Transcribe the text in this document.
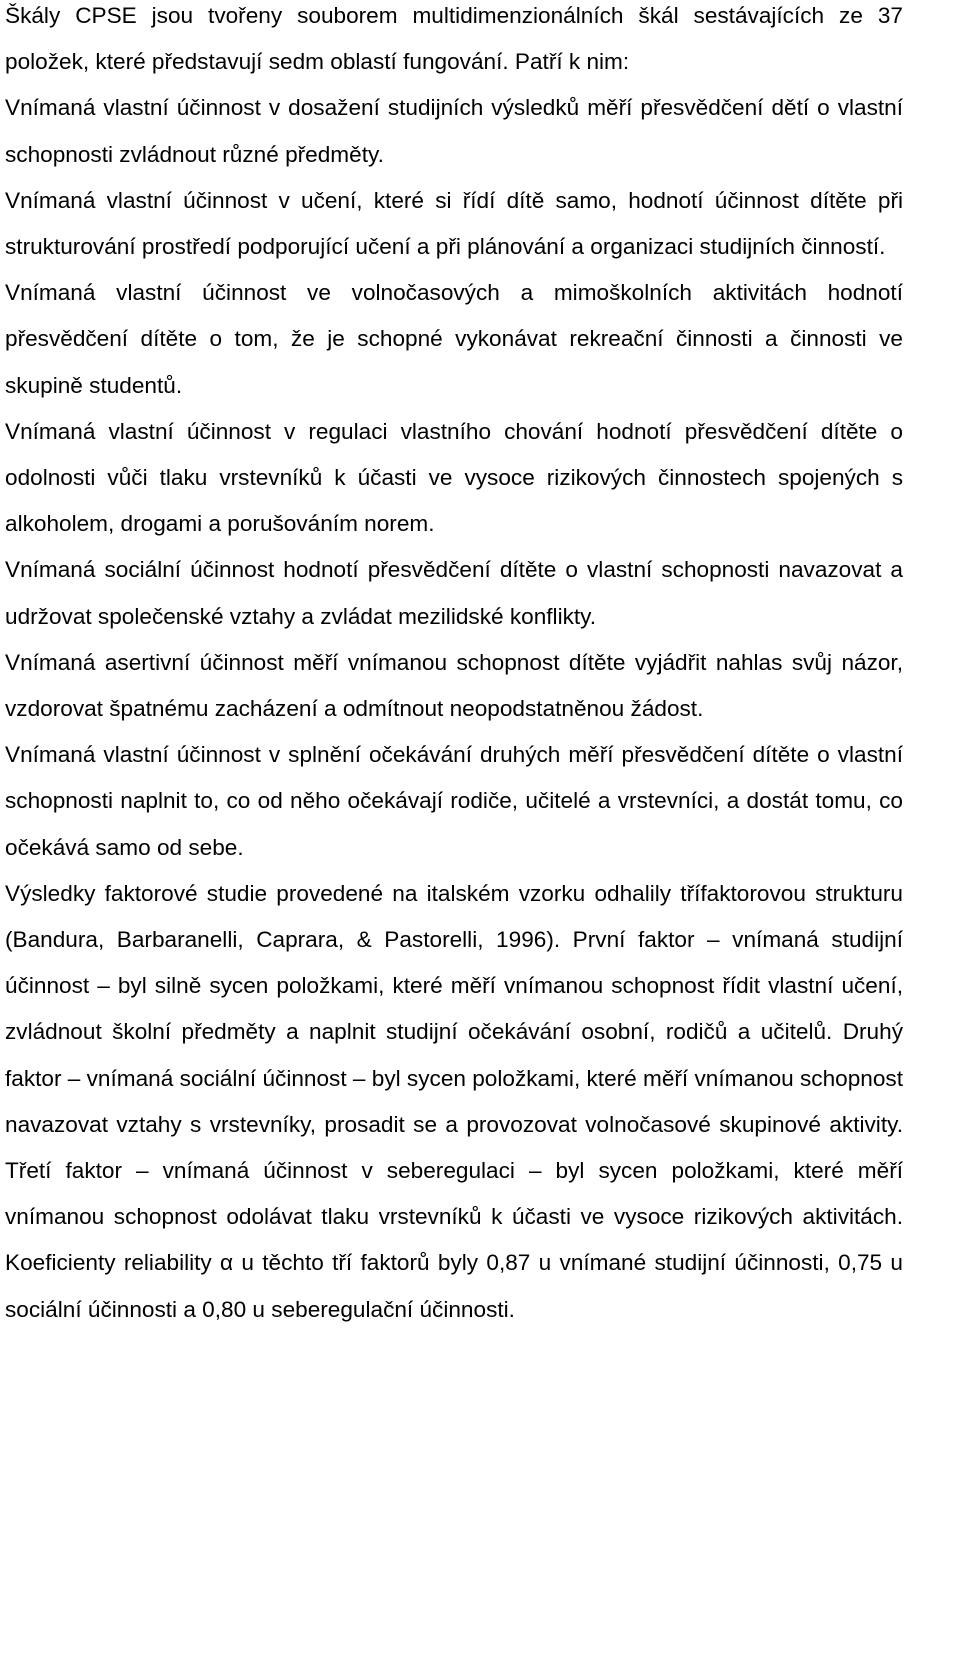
Škály CPSE jsou tvořeny souborem multidimenzionálních škál sestávajících ze 37 položek, které představují sedm oblastí fungování. Patří k nim:

Vnímaná vlastní účinnost v dosažení studijních výsledků měří přesvědčení dětí o vlastní schopnosti zvládnout různé předměty.

Vnímaná vlastní účinnost v učení, které si řídí dítě samo, hodnotí účinnost dítěte při strukturování prostředí podporující učení a při plánování a organizaci studijních činností.

Vnímaná vlastní účinnost ve volnočasových a mimoškolních aktivitách hodnotí přesvědčení dítěte o tom, že je schopné vykonávat rekreační činnosti a činnosti ve skupině studentů.

Vnímaná vlastní účinnost v regulaci vlastního chování hodnotí přesvědčení dítěte o odolnosti vůči tlaku vrstevníků k účasti ve vysoce rizikových činnostech spojených s alkoholem, drogami a porušováním norem.

Vnímaná sociální účinnost hodnotí přesvědčení dítěte o vlastní schopnosti navazovat a udržovat společenské vztahy a zvládat mezilidské konflikty.

Vnímaná asertivní účinnost měří vnímanou schopnost dítěte vyjádřit nahlas svůj názor, vzdorovat špatnému zacházení a odmítnout neopodstatněnou žádost.

Vnímaná vlastní účinnost v splnění očekávání druhých měří přesvědčení dítěte o vlastní schopnosti naplnit to, co od něho očekávají rodiče, učitelé a vrstevníci, a dostát tomu, co očekává samo od sebe.

Výsledky faktorové studie provedené na italském vzorku odhalily třífaktorovou strukturu (Bandura, Barbaranelli, Caprara, & Pastorelli, 1996). První faktor – vnímaná studijní účinnost – byl silně sycen položkami, které měří vnímanou schopnost řídit vlastní učení, zvládnout školní předměty a naplnit studijní očekávání osobní, rodičů a učitelů. Druhý faktor – vnímaná sociální účinnost – byl sycen položkami, které měří vnímanou schopnost navazovat vztahy s vrstevníky, prosadit se a provozovat volnočasové skupinové aktivity. Třetí faktor – vnímaná účinnost v seberegulaci – byl sycen položkami, které měří vnímanou schopnost odolávat tlaku vrstevníků k účasti ve vysoce rizikových aktivitách. Koeficienty reliability α u těchto tří faktorů byly 0,87 u vnímané studijní účinnosti, 0,75 u sociální účinnosti a 0,80 u seberegulační účinnosti.
